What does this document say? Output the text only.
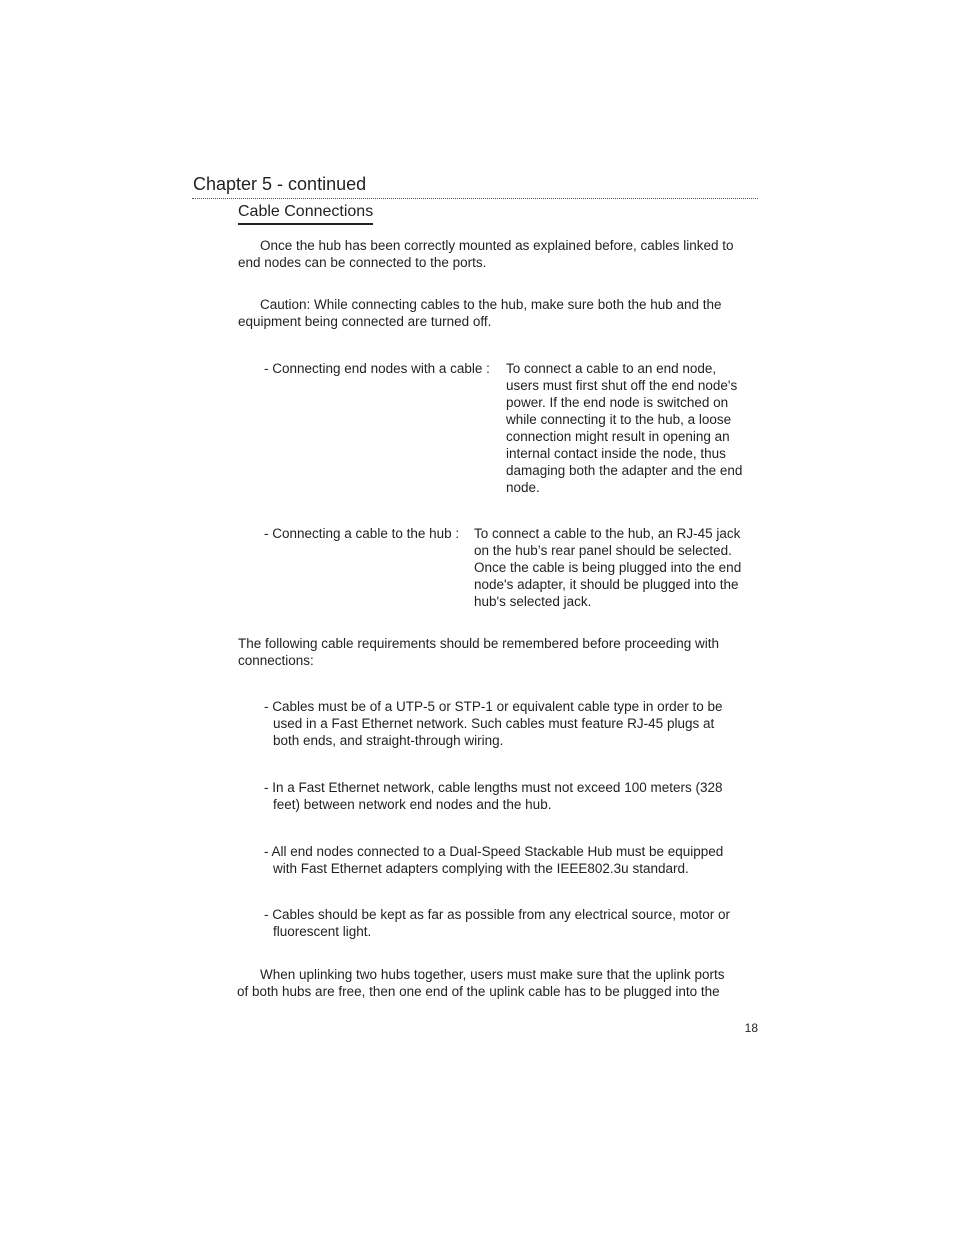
Chapter 5 - continued
Cable Connections
Once the hub has been correctly mounted as explained before, cables linked to
end nodes can be connected to the ports.
Caution: While connecting cables to the hub, make sure both the hub and the
equipment being connected are turned off.
- Connecting end nodes with a cable : To connect a cable to an end node,
users must first shut off the end node's
power. If the end node is switched on
while connecting it to the hub, a loose
connection might result in opening an
internal contact inside the node, thus
damaging both the adapter and the end
node.
- Connecting a cable to the hub : To connect a cable to the hub, an RJ-45 jack
on the hub’s rear panel should be selected.
Once the cable is being plugged into the end
node's adapter, it should be plugged into the
hub's selected jack.
The following cable requirements should be remembered before proceeding with
connections:
- Cables must be of a UTP-5 or STP-1 or equivalent cable type in order to be
used in a Fast Ethernet network. Such cables must feature RJ-45 plugs at
both ends, and straight-through wiring.
- In a Fast Ethernet network, cable lengths must not exceed 100 meters (328
feet) between network end nodes and the hub.
- All end nodes connected to a Dual-Speed Stackable Hub must be equipped
with Fast Ethernet adapters complying with the IEEE802.3u standard.
- Cables should be kept as far as possible from any electrical source, motor or
fluorescent light.
When uplinking two hubs together, users must make sure that the uplink ports
of both hubs are free, then one end of the uplink cable has to be plugged into the
18
